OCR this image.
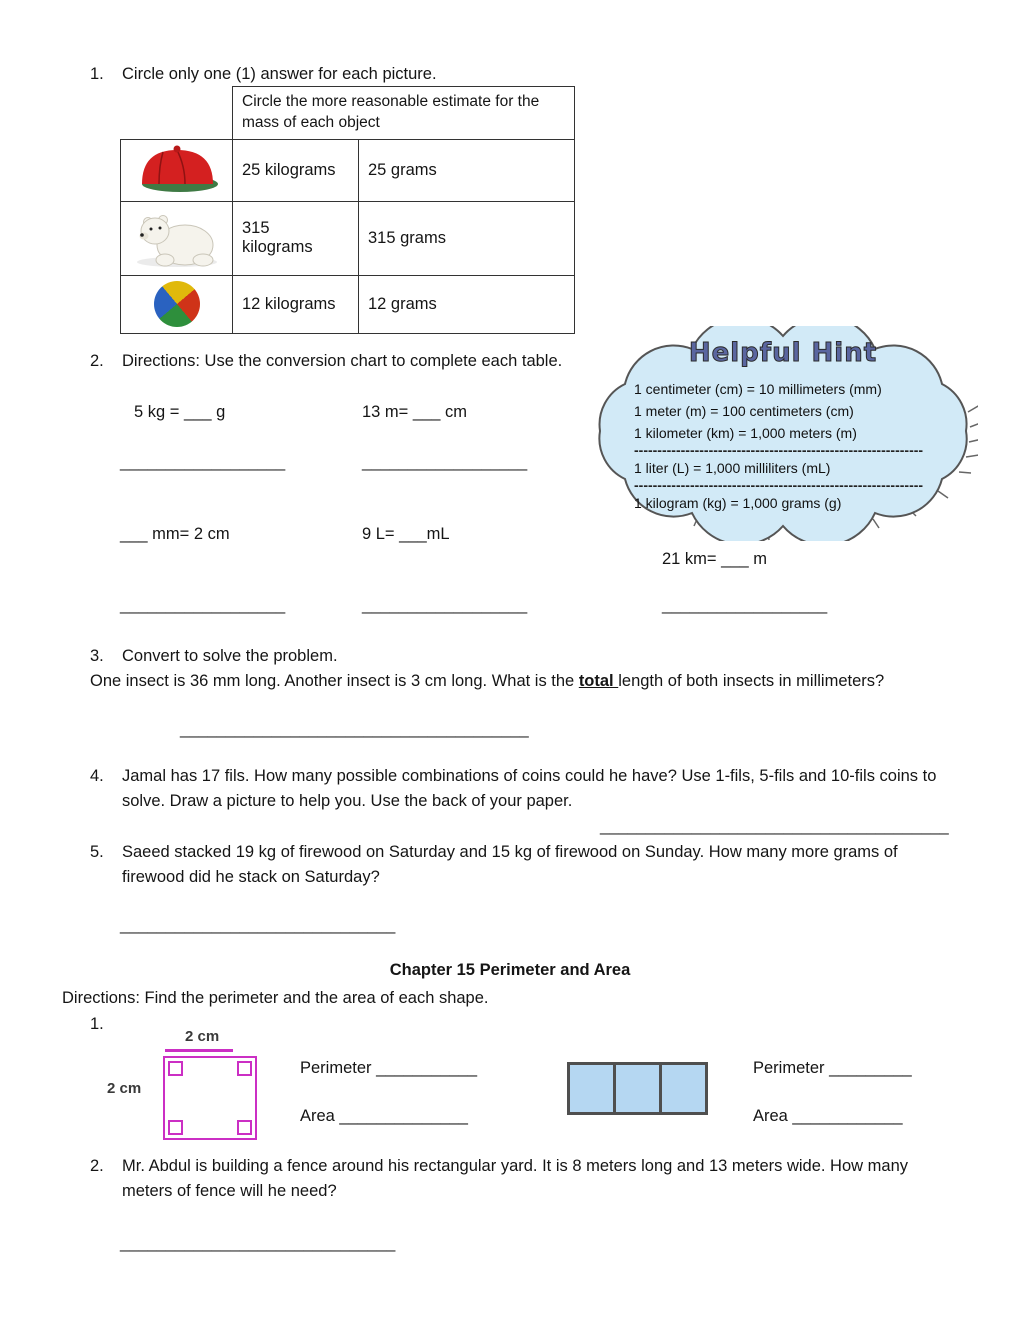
1.	Circle only one (1) answer for each picture.
	Circle the more reasonable estimate for the mass of each object	
	25 kilograms	25 grams
	315 kilograms	315 grams

	12 kilograms	12 grams
2.	Directions: Use the conversion chart to complete each table.
5 kg = ___ g	13 m= ___ cm
__________________	__________________
___ mm= 2 cm	9 L= ___mL
21 km= ___ m
__________________	__________________	__________________
Helpful Hint
1 centimeter (cm) = 10 millimeters (mm)
1 meter (m) = 100 centimeters (cm)
1 kilometer (km) = 1,000 meters (m)
--------------------------------------------------------------
1 liter (L) = 1,000 milliliters (mL)
--------------------------------------------------------------
1 kilogram (kg) = 1,000 grams (g)
3.	Convert to solve the problem.
One insect is 36 mm long. Another insect is 3 cm long. What is the total length of both insects in millimeters?
______________________________________
4.	Jamal has 17 fils. How many possible combinations of coins could he have? Use 1-fils, 5-fils and 10-fils coins to solve. Draw a picture to help you. Use the back of your paper.
______________________________________
5.	Saeed stacked 19 kg of firewood on Saturday and 15 kg of firewood on Sunday. How many more grams of firewood did he stack on Saturday?
______________________________
Chapter 15 Perimeter and Area
Directions: Find the perimeter and the area of each shape.
1.
2 cm
2 cm
Perimeter ___________
Area ______________
Perimeter _________
Area ____________
2.	Mr. Abdul is building a fence around his rectangular yard. It is 8 meters long and 13 meters wide. How many meters of fence will he need?
______________________________
